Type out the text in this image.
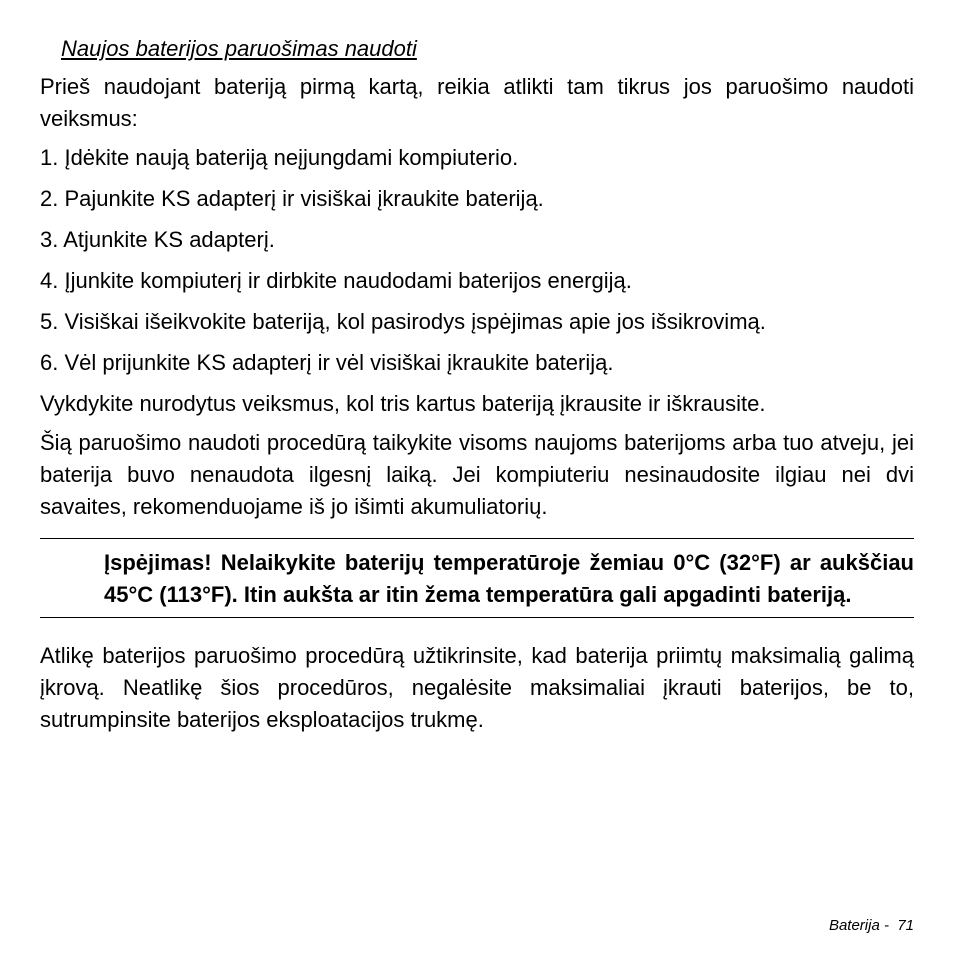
Naujos baterijos paruošimas naudoti

Prieš naudojant bateriją pirmą kartą, reikia atlikti tam tikrus jos paruošimo naudoti veiksmus:

1. Įdėkite naują bateriją neįjungdami kompiuterio.

2. Pajunkite KS adapterį ir visiškai įkraukite bateriją.

3. Atjunkite KS adapterį.

4. Įjunkite kompiuterį ir dirbkite naudodami baterijos energiją.

5. Visiškai išeikvokite bateriją, kol pasirodys įspėjimas apie jos išsikrovimą.

6. Vėl prijunkite KS adapterį ir vėl visiškai įkraukite bateriją.

Vykdykite nurodytus veiksmus, kol tris kartus bateriją įkrausite ir iškrausite.

Šią paruošimo naudoti procedūrą taikykite visoms naujoms baterijoms arba tuo atveju, jei baterija buvo nenaudota ilgesnį laiką. Jei kompiuteriu nesinaudosite ilgiau nei dvi savaites, rekomenduojame iš jo išimti akumuliatorių.

Įspėjimas! Nelaikykite baterijų temperatūroje žemiau 0°C (32°F) ar aukščiau 45°C (113°F). Itin aukšta ar itin žema temperatūra gali apgadinti bateriją.

Atlikę baterijos paruošimo procedūrą užtikrinsite, kad baterija priimtų maksimalią galimą įkrovą. Neatlikę šios procedūros, negalėsite maksimaliai įkrauti baterijos, be to, sutrumpinsite baterijos eksploatacijos trukmę.

Baterija -  71
